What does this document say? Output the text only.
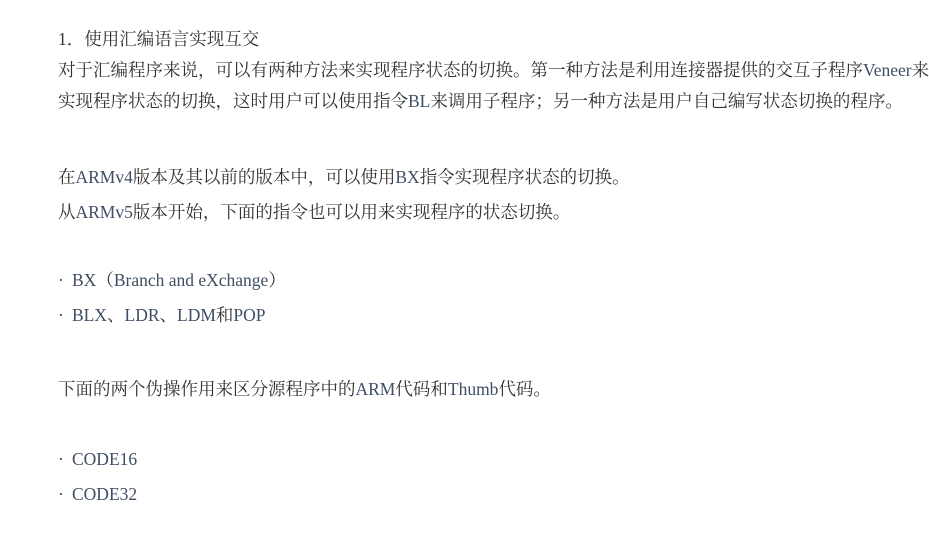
1．使用汇编语言实现互交

对于汇编程序来说，可以有两种方法来实现程序状态的切换。第一种方法是利用连接器提供的交互子程序Veneer来

实现程序状态的切换，这时用户可以使用指令BL来调用子程序；另一种方法是用户自己编写状态切换的程序。

在ARMv4版本及其以前的版本中，可以使用BX指令实现程序状态的切换。

从ARMv5版本开始，下面的指令也可以用来实现程序的状态切换。

· BX（Branch and eXchange）

· BLX、LDR、LDM和POP

下面的两个伪操作用来区分源程序中的ARM代码和Thumb代码。

· CODE16

· CODE32
